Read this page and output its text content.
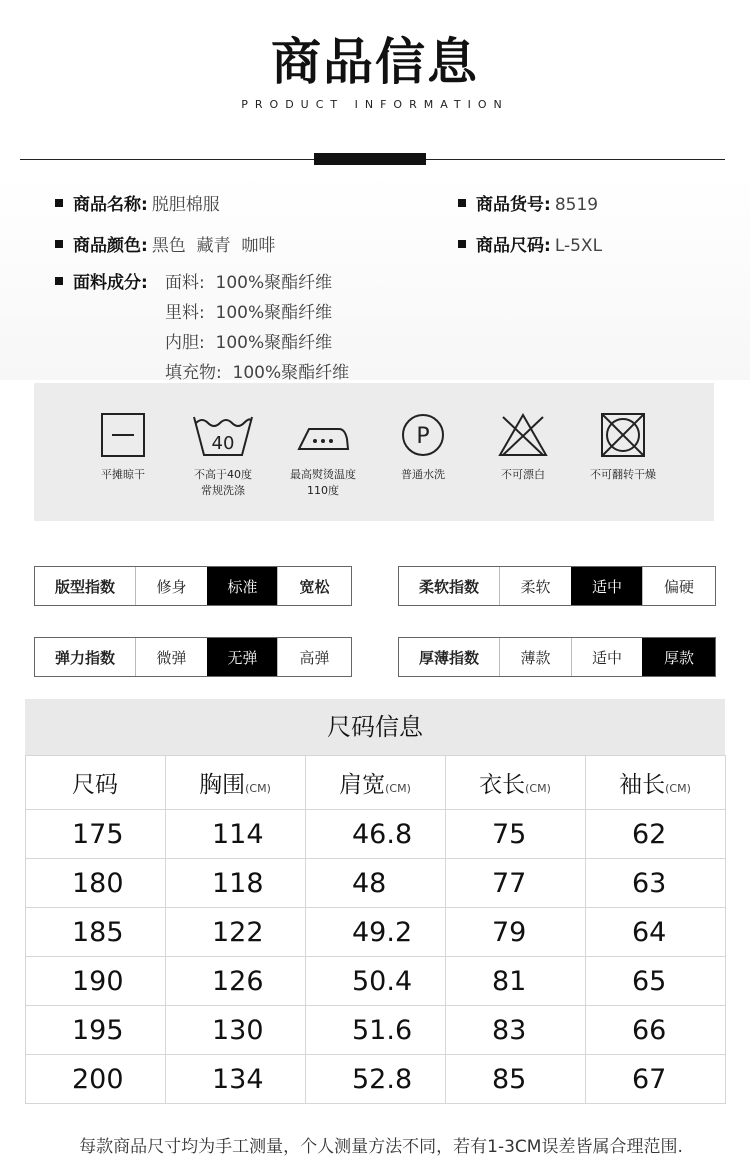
商品信息
PRODUCT INFORMATION
商品名称: 脱胆棉服	商品货号: 8519
商品颜色: 黑色  藏青  咖啡	商品尺码: L-5XL
面料成分: 面料:  100%聚酯纤维
里料:  100%聚酯纤维
内胆:  100%聚酯纤维
填充物:  100%聚酯纤维
平摊晾干
40
不高于40度
常规洗涤
最高熨烫温度
110度
P
普通水洗	不可漂白	不可翻转干燥
版型指数	修身	标准	宽松	柔软指数	柔软	适中	偏硬
弹力指数	微弹	无弹	高弹	厚薄指数	薄款	适中	厚款
尺码信息
尺码	胸围(CM)	肩宽(CM)	衣长(CM)	袖长(CM)
175	114	46.8	75	62
180	118	48	77	63
185	122	49.2	79	64
190	126	50.4	81	65
195	130	51.6	83	66
200	134	52.8	85	67
每款商品尺寸均为手工测量，个人测量方法不同，若有1-3CM误差皆属合理范围.
